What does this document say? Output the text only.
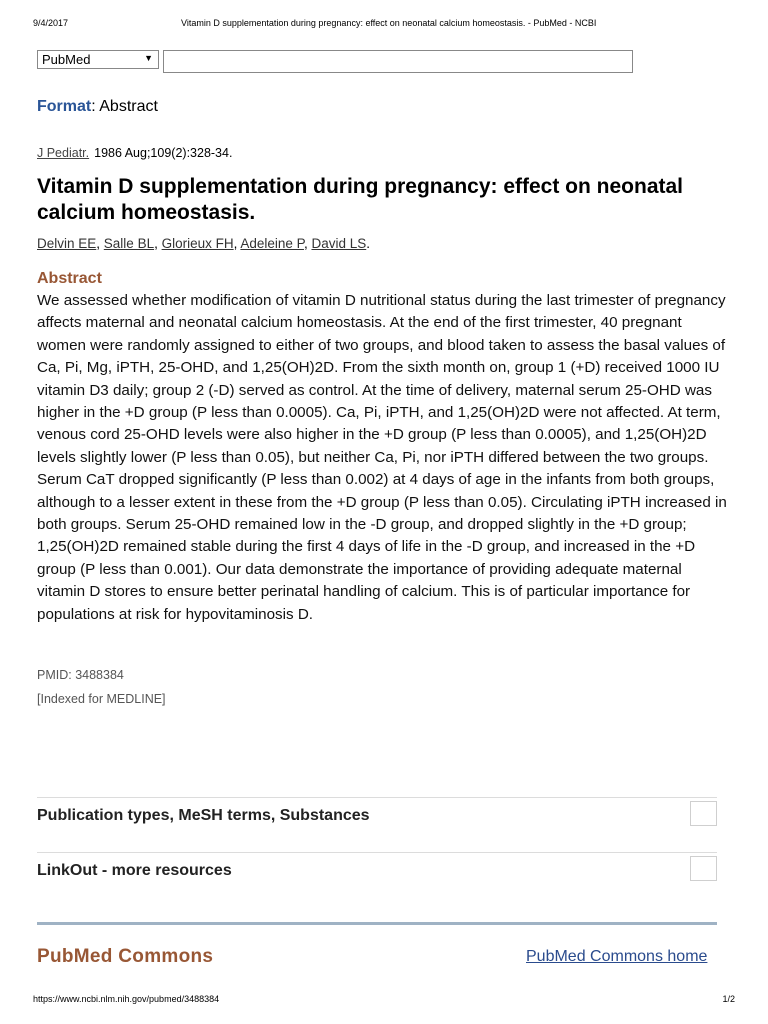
9/4/2017	Vitamin D supplementation during pregnancy: effect on neonatal calcium homeostasis. - PubMed - NCBI
PubMed	▼
Format: Abstract
J Pediatr. 1986 Aug;109(2):328-34.
Vitamin D supplementation during pregnancy: effect on neonatal calcium homeostasis.
Delvin EE, Salle BL, Glorieux FH, Adeleine P, David LS.
Abstract

We assessed whether modification of vitamin D nutritional status during the last trimester of pregnancy affects maternal and neonatal calcium homeostasis. At the end of the first trimester, 40 pregnant women were randomly assigned to either of two groups, and blood taken to assess the basal values of Ca, Pi, Mg, iPTH, 25-OHD, and 1,25(OH)2D. From the sixth month on, group 1 (+D) received 1000 IU vitamin D3 daily; group 2 (-D) served as control. At the time of delivery, maternal serum 25-OHD was higher in the +D group (P less than 0.0005). Ca, Pi, iPTH, and 1,25(OH)2D were not affected. At term, venous cord 25-OHD levels were also higher in the +D group (P less than 0.0005), and 1,25(OH)2D levels slightly lower (P less than 0.05), but neither Ca, Pi, nor iPTH differed between the two groups. Serum CaT dropped significantly (P less than 0.002) at 4 days of age in the infants from both groups, although to a lesser extent in these from the +D group (P less than 0.05). Circulating iPTH increased in both groups. Serum 25-OHD remained low in the -D group, and dropped slightly in the +D group; 1,25(OH)2D remained stable during the first 4 days of life in the -D group, and increased in the +D group (P less than 0.001). Our data demonstrate the importance of providing adequate maternal vitamin D stores to ensure better perinatal handling of calcium. This is of particular importance for populations at risk for hypovitaminosis D.

PMID: 3488384
[Indexed for MEDLINE]
Publication types, MeSH terms, Substances
LinkOut - more resources
PubMed Commons	PubMed Commons home
https://www.ncbi.nlm.nih.gov/pubmed/3488384	1/2
